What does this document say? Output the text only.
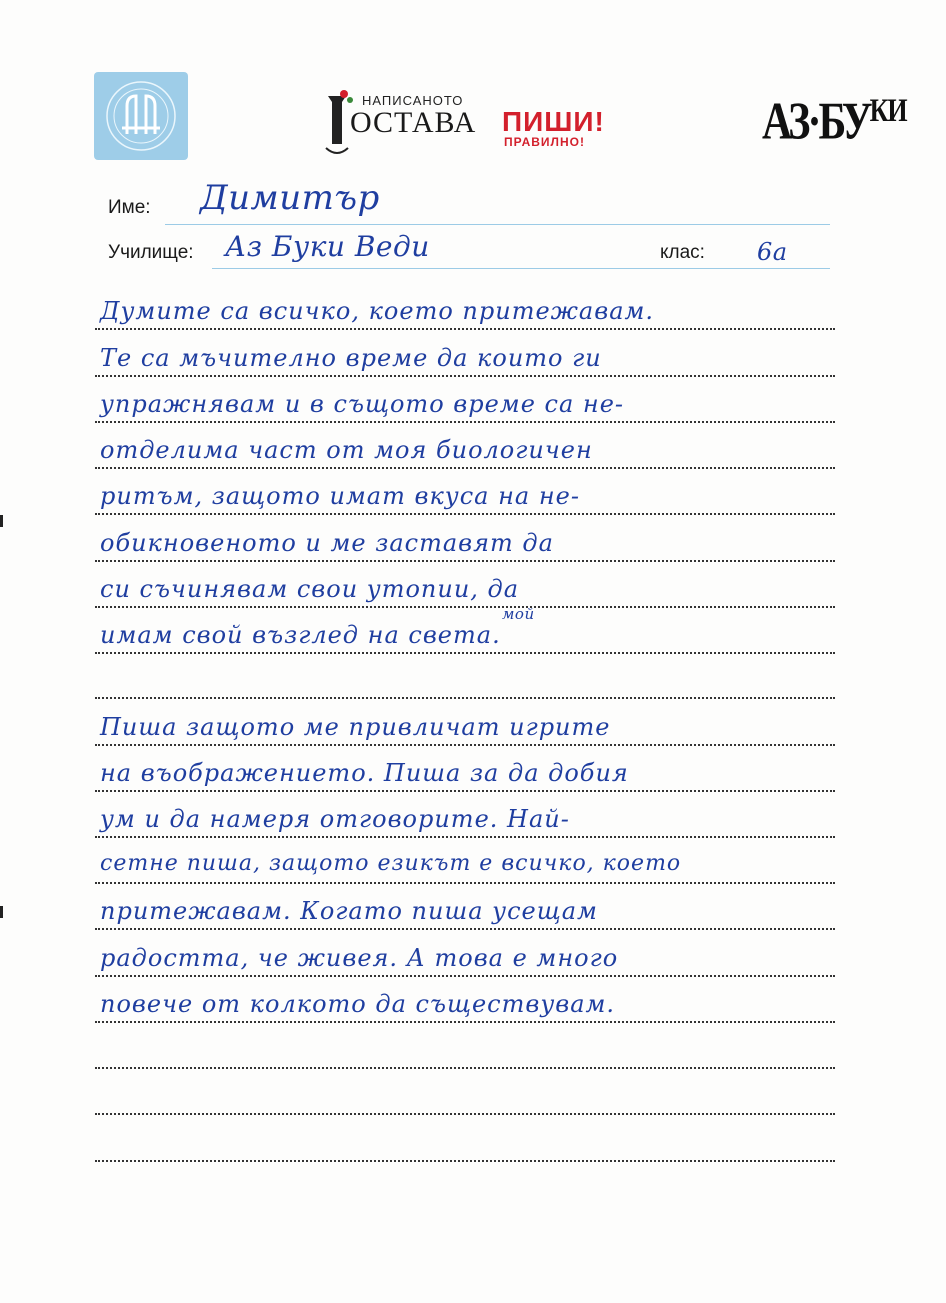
НАПИСАНОТО
ОСТАВА ПИШИ!
ПРАВИЛНО!	$АЗ\cdot БУ^{КИ}$
Име: Димитър
Училище: Аз Буки Веди	клас: 6а
Думите са всичко, което притежавам.
Те са мъчително време да които ги
упражнявам и в същото време са не-
отделима част от моя биологичен
ритъм, защото имат вкуса на не-
обикновеното и ме заставят да
си съчинявам свои утопии, да
имам свой възглед на света.
Пиша защото ме привличат игрите
на въображението. Пиша за да добия
ум и да намеря отговорите. Най-
сетне пиша, защото езикът е всичко, което
притежавам. Когато пиша усещам
радостта, че живея. А това е много
повече от колкото да съществувам.
мой
